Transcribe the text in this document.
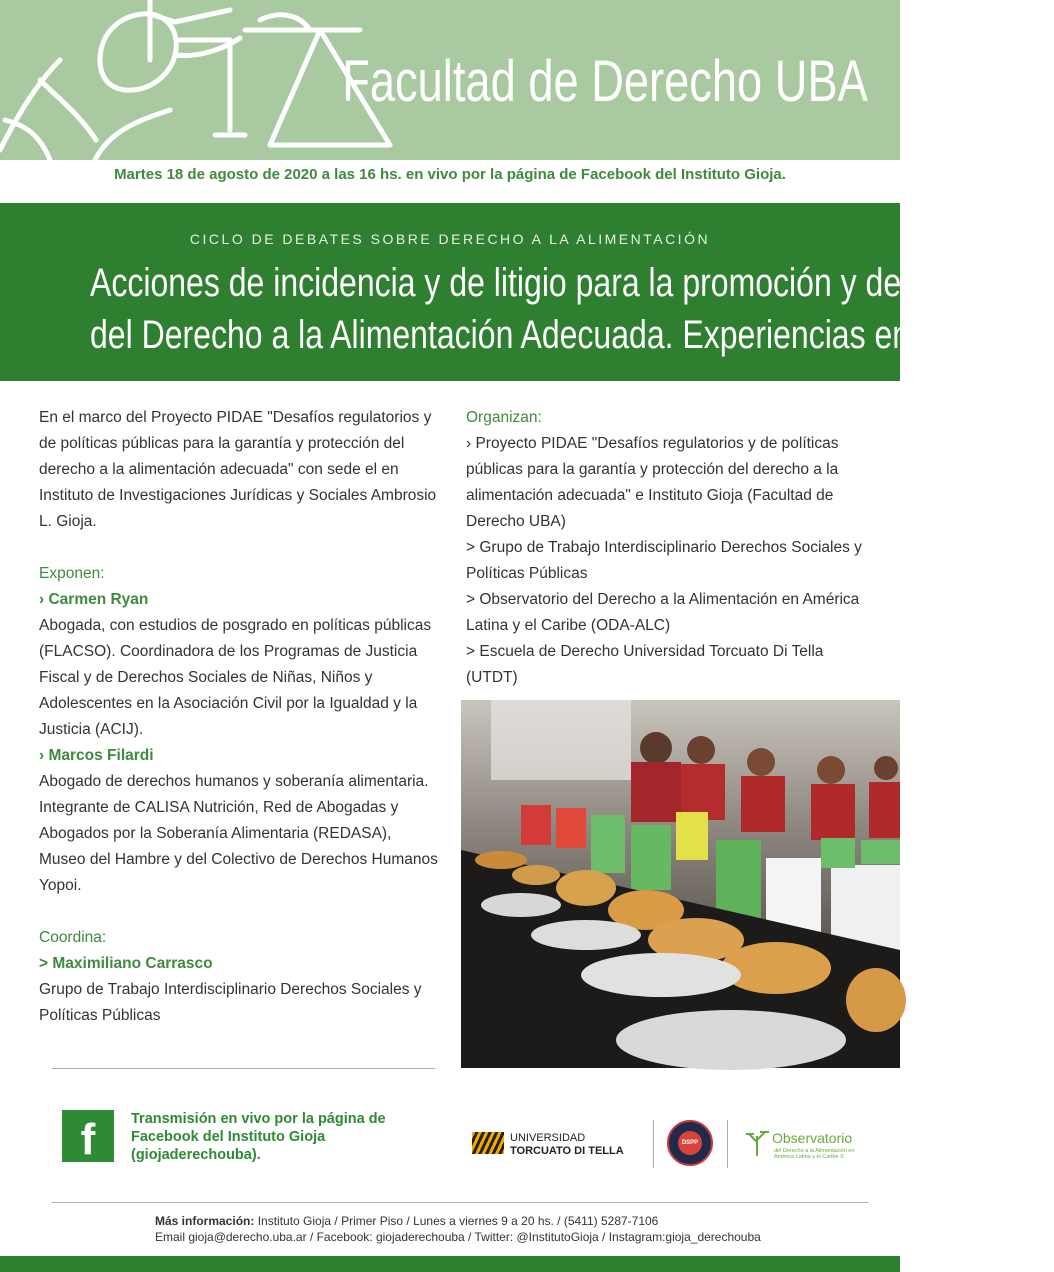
Facultad de Derecho UBA
Martes 18 de agosto de 2020 a las 16 hs. en vivo por la página de Facebook del Instituto Gioja.
CICLO DE DEBATES SOBRE DERECHO A LA ALIMENTACIÓN
Acciones de incidencia y de litigio para la promoción y defensa
del Derecho a la Alimentación Adecuada. Experiencias en Argentina

En el marco del Proyecto PIDAE "Desafíos regulatorios y de políticas públicas para la garantía y protección del derecho a la alimentación adecuada" con sede el en Instituto de Investigaciones Jurídicas y Sociales Ambrosio L. Gioja.

Exponen:
› Carmen Ryan

Abogada, con estudios de posgrado en políticas públicas (FLACSO). Coordinadora de los Programas de Justicia Fiscal y de Derechos Sociales de Niñas, Niños y Adolescentes en la Asociación Civil por la Igualdad y la Justicia (ACIJ).

› Marcos Filardi

Abogado de derechos humanos y soberanía alimentaria. Integrante de CALISA Nutrición, Red de Abogadas y Abogados por la Soberanía Alimentaria (REDASA), Museo del Hambre y del Colectivo de Derechos Humanos Yopoi.

Coordina:
> Maximiliano Carrasco

Grupo de Trabajo Interdisciplinario Derechos Sociales y Políticas Públicas

Organizan:

› Proyecto PIDAE "Desafíos regulatorios y de políticas públicas para la garantía y protección del derecho a la alimentación adecuada" e Instituto Gioja (Facultad de Derecho UBA)

> Grupo de Trabajo Interdisciplinario Derechos Sociales y Políticas Públicas

> Observatorio del Derecho a la Alimentación en América Latina y el Caribe (ODA-ALC)

> Escuela de Derecho Universidad Torcuato Di Tella (UTDT)

f	Transmisión en vivo por la página de Facebook del Instituto Gioja (giojaderechouba).
UNIVERSIDAD
TORCUATO DI TELLA
DSPP	Observatorio
del Derecho a la Alimentación en América Latina y el Caribe ©
Más información: Instituto Gioja / Primer Piso / Lunes a viernes 9 a 20 hs. / (5411) 5287-7106
Email gioja@derecho.uba.ar / Facebook: giojaderechouba / Twitter: @InstitutoGioja / Instagram:gioja_derechouba
